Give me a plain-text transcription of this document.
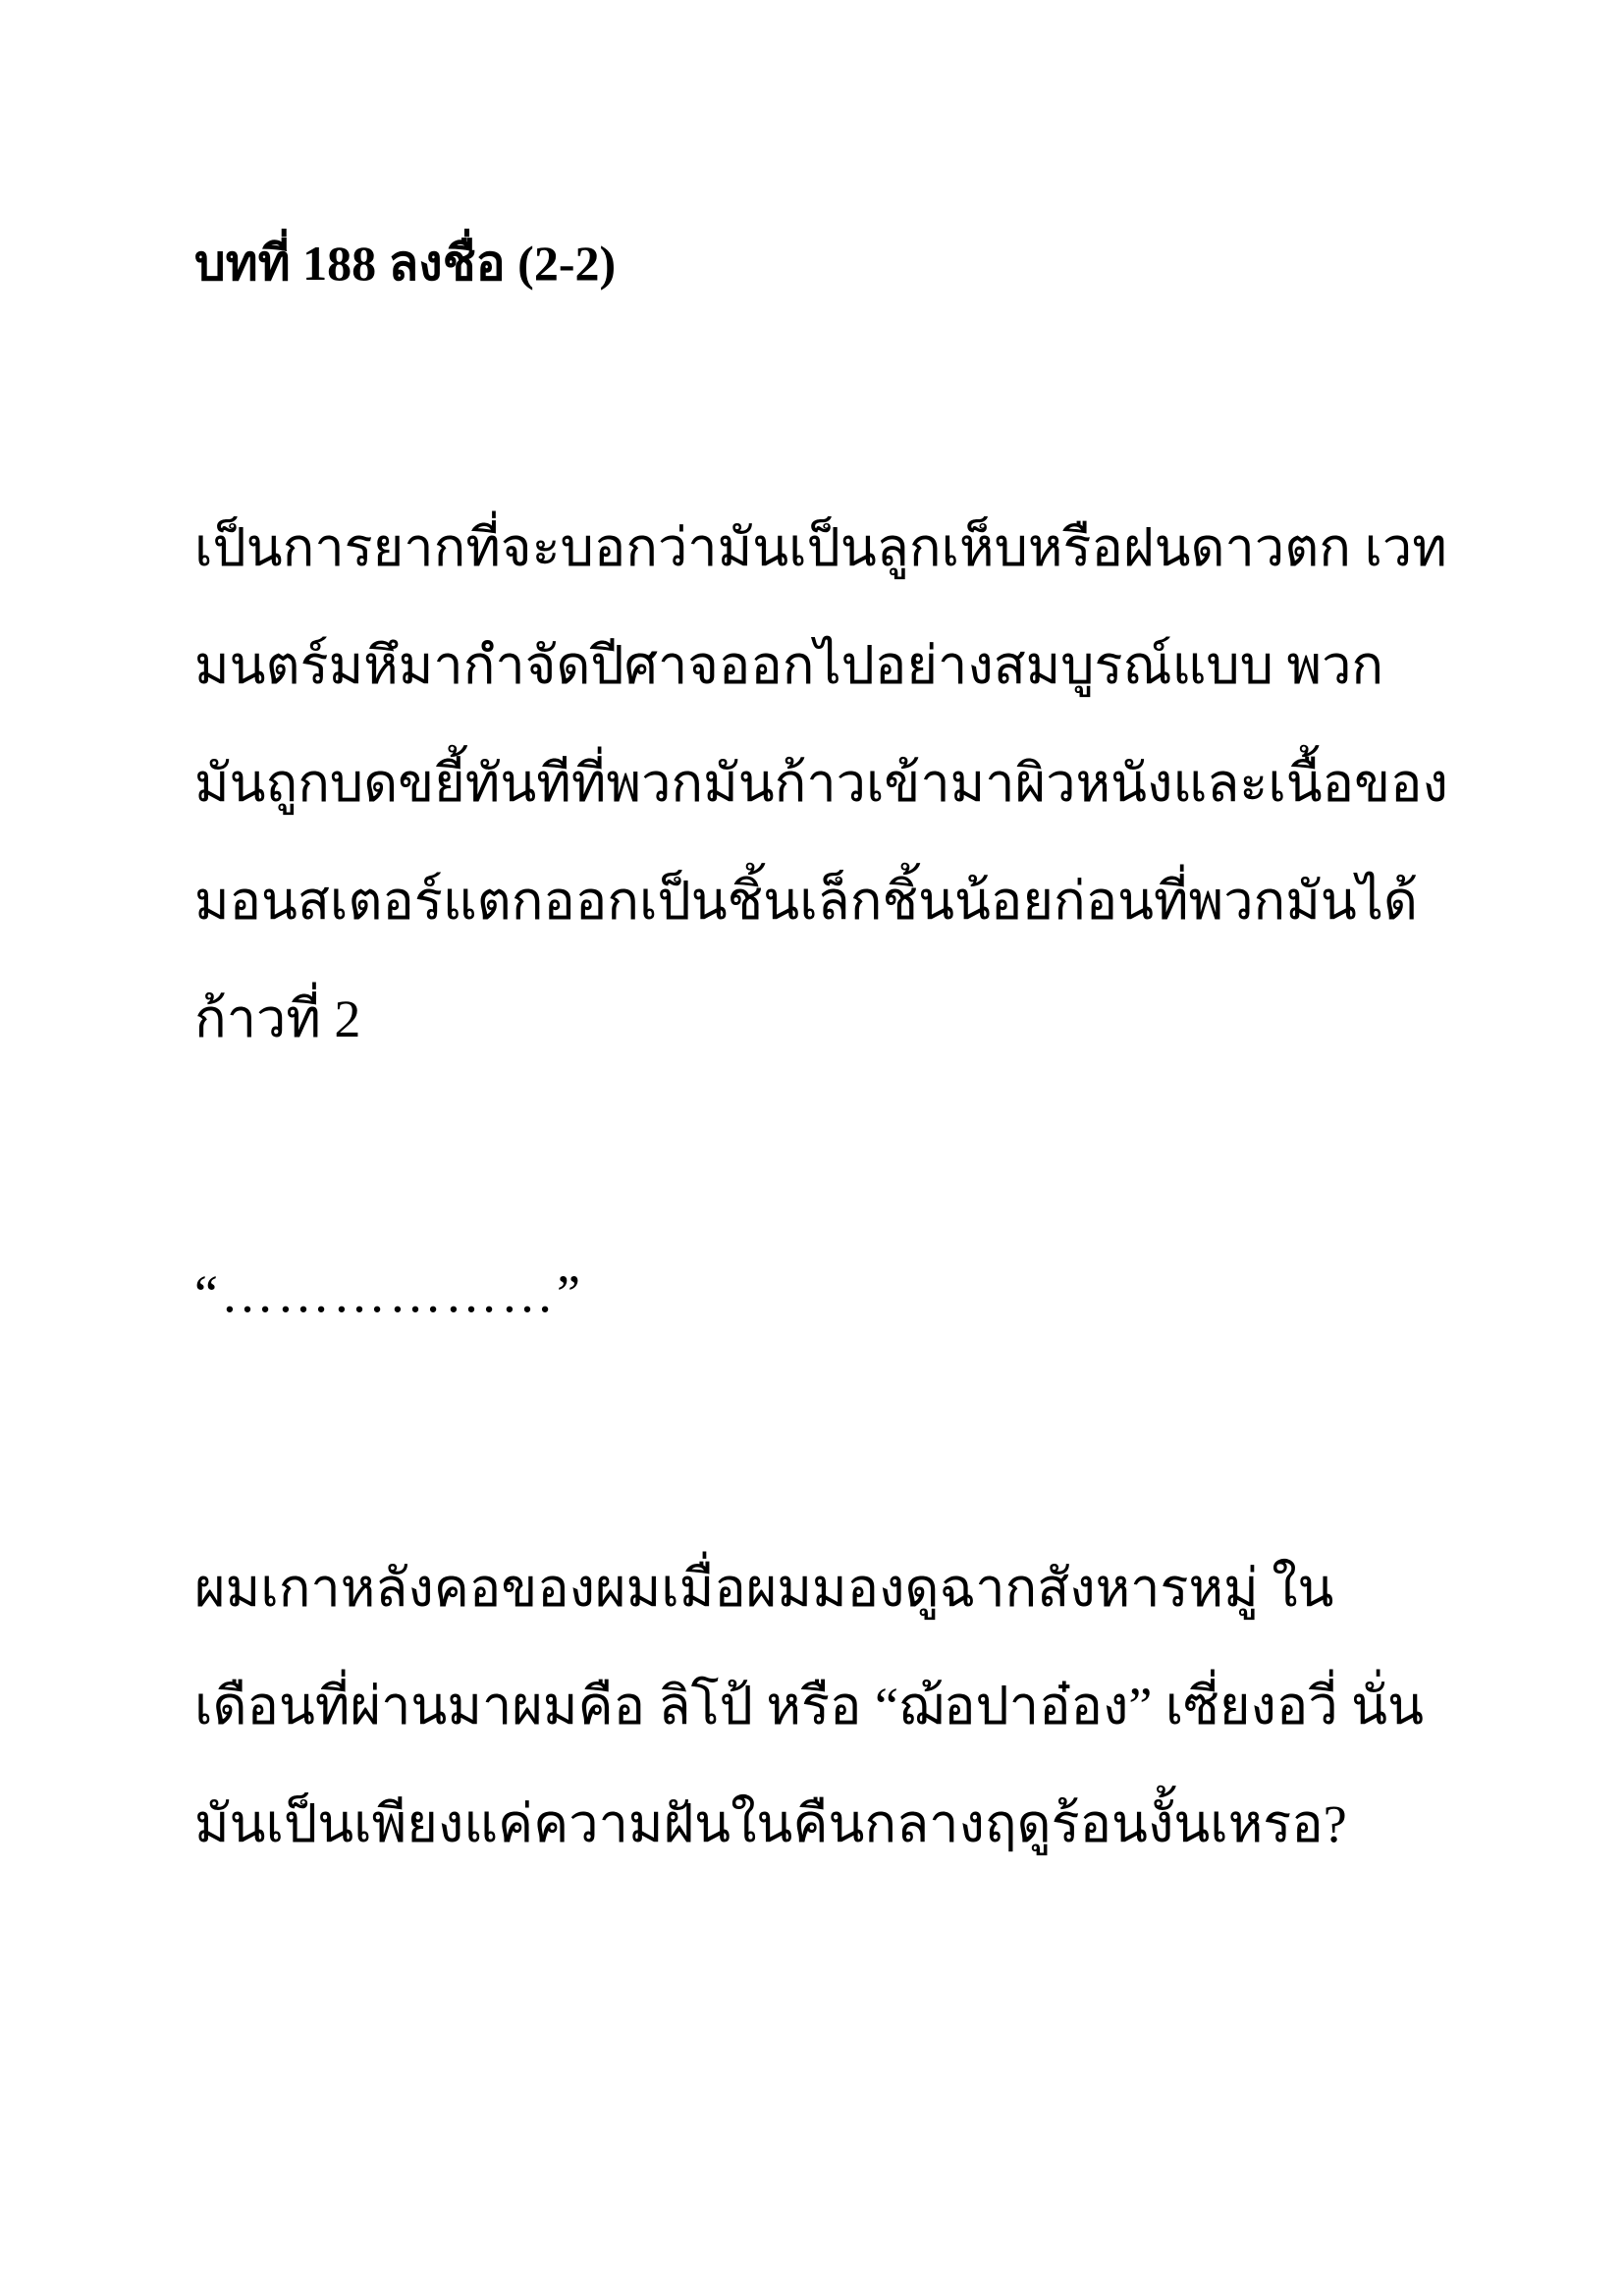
บทที่ 188 ลงชื่อ (2-2)

เป็นการยากที่จะบอกว่ามันเป็นลูกเห็บหรือฝนดาวตก เวท

มนตร์มหึมากำจัดปีศาจออกไปอย่างสมบูรณ์แบบ พวก

มันถูกบดขยี้ทันทีที่พวกมันก้าวเข้ามาผิวหนังและเนื้อของ

มอนสเตอร์แตกออกเป็นชิ้นเล็กชิ้นน้อยก่อนที่พวกมันได้

ก้าวที่ 2

“………………”

ผมเกาหลังคอของผมเมื่อผมมองดูฉากสังหารหมู่ ใน

เดือนที่ผ่านมาผมคือ ลิโป้ หรือ “ฌ้อปาอ๋อง” เซี่ยงอวี่ นั่น

มันเป็นเพียงแค่ความฝันในคืนกลางฤดูร้อนงั้นเหรอ?
